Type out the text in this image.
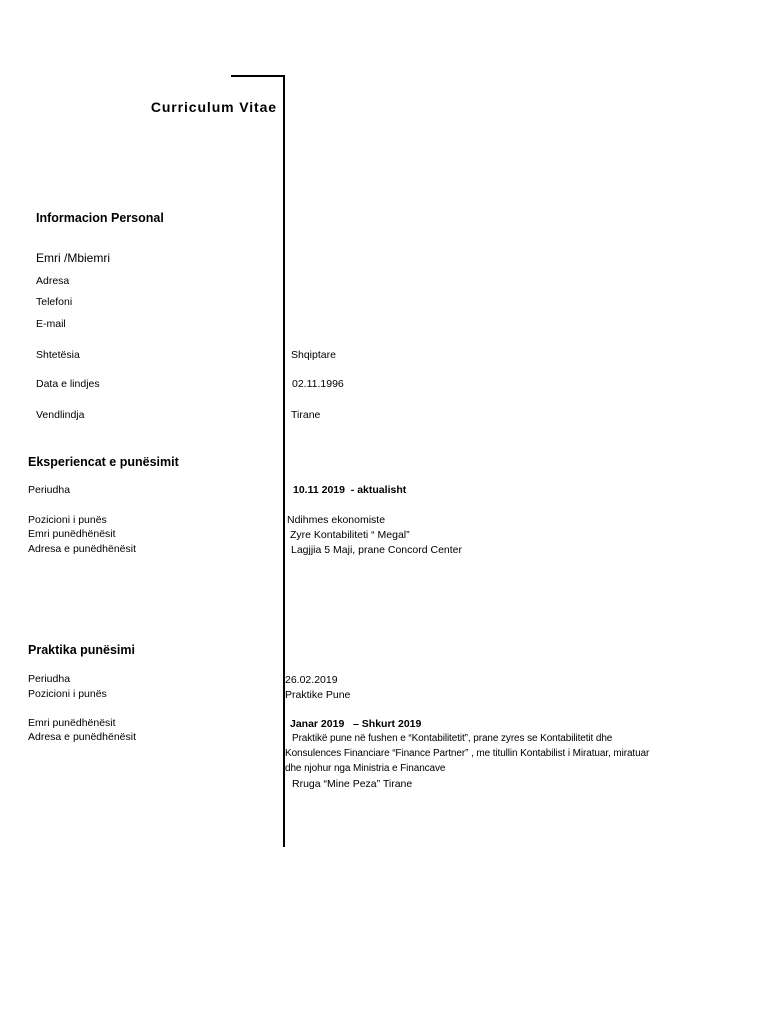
Curriculum Vitae
Informacion Personal
Emri /Mbiemri
Adresa
Telefoni
E-mail
Shtetësia	Shqiptare
Data e lindjes	02.11.1996
Vendlindja	Tirane
Eksperiencat e punësimit
Periudha	10.11 2019  - aktualisht
Pozicioni i punës	Ndihmes ekonomiste
Emri punëdhënësit	Zyre Kontabiliteti “ Megal”
Adresa e punëdhënësit	Lagjjia 5 Maji, prane Concord Center
Praktika punësimi
Periudha	26.02.2019
Pozicioni i punës	Praktike Pune
Emri punëdhënësit	Janar 2019   – Shkurt 2019
Adresa e punëdhënësit	Praktikë pune në fushen e “Kontabilitetit”, prane zyres se Kontabilitetit dhe
Konsulences Financiare “Finance Partner” , me titullin Kontabilist i Miratuar, miratuar
dhe njohur nga Ministria e Financave
Rruga “Mine Peza” Tirane
